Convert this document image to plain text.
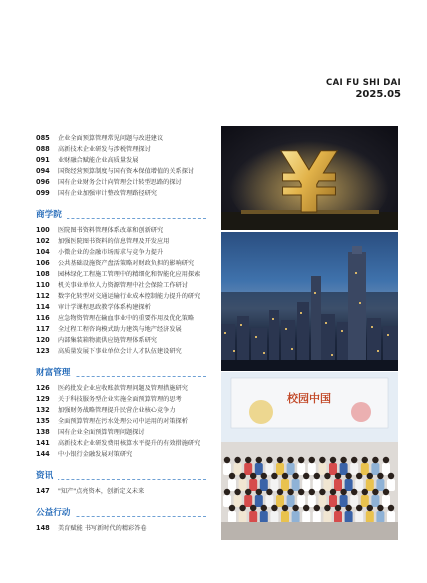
CAI FU SHI DAI
2025.05
085	企业全面预算管理常见问题与改进建议
088	高新技术企业研发与涉税管理探讨
091	业财融合赋能企业高质量发展
094	国资经营预算制度与国有资本保值增值的关系探讨
096	国有企业财务会计向管理会计转型思路的探讨
099	国有企业加强审计整改管理路径研究
商学院
100	医院图书资料管理体系改革和创新研究
102	加强医院图书资料的信息管理及开发应用
104	小微企业的金融市场需求与竞争力提升
106	公共基础设施资产盘活策略对财政负担的影响研究
108	园林绿化工程施工管理中的精细化和智能化应用探索
110	机关事业单位人力资源管理中社会保险工作研讨
112	数字化转型对交通运输行业成本控制能力提升的研究
114	审计学课程思政教学体系构建探析
116	应急物资管理在输血事业中的重要作用及优化策略
117	全过程工程咨询模式助力建筑与地产经济发展
120	内部集装箱物流供应链管理体系研究
123	高质量发展下事业单位会计人才队伍建设研究
财富管理
126	医药批发企业应收账款管理问题及管理措施研究
129	关于科技服务型企业实施全面预算管理的思考
132	加强财务战略管理提升民营企业核心竞争力
135	全面预算管理在污水处理公司中运用的对策探析
138	国有企业全面预算管理问题探讨
141	高新技术企业研发费用核算水平提升的有效措施研究
144	中小银行金融发展对策研究
资讯
147	"知产"点亮资本，创新定义未来
公益行动
148	美育赋能 书写新时代的精彩答卷
¥
校园中国
